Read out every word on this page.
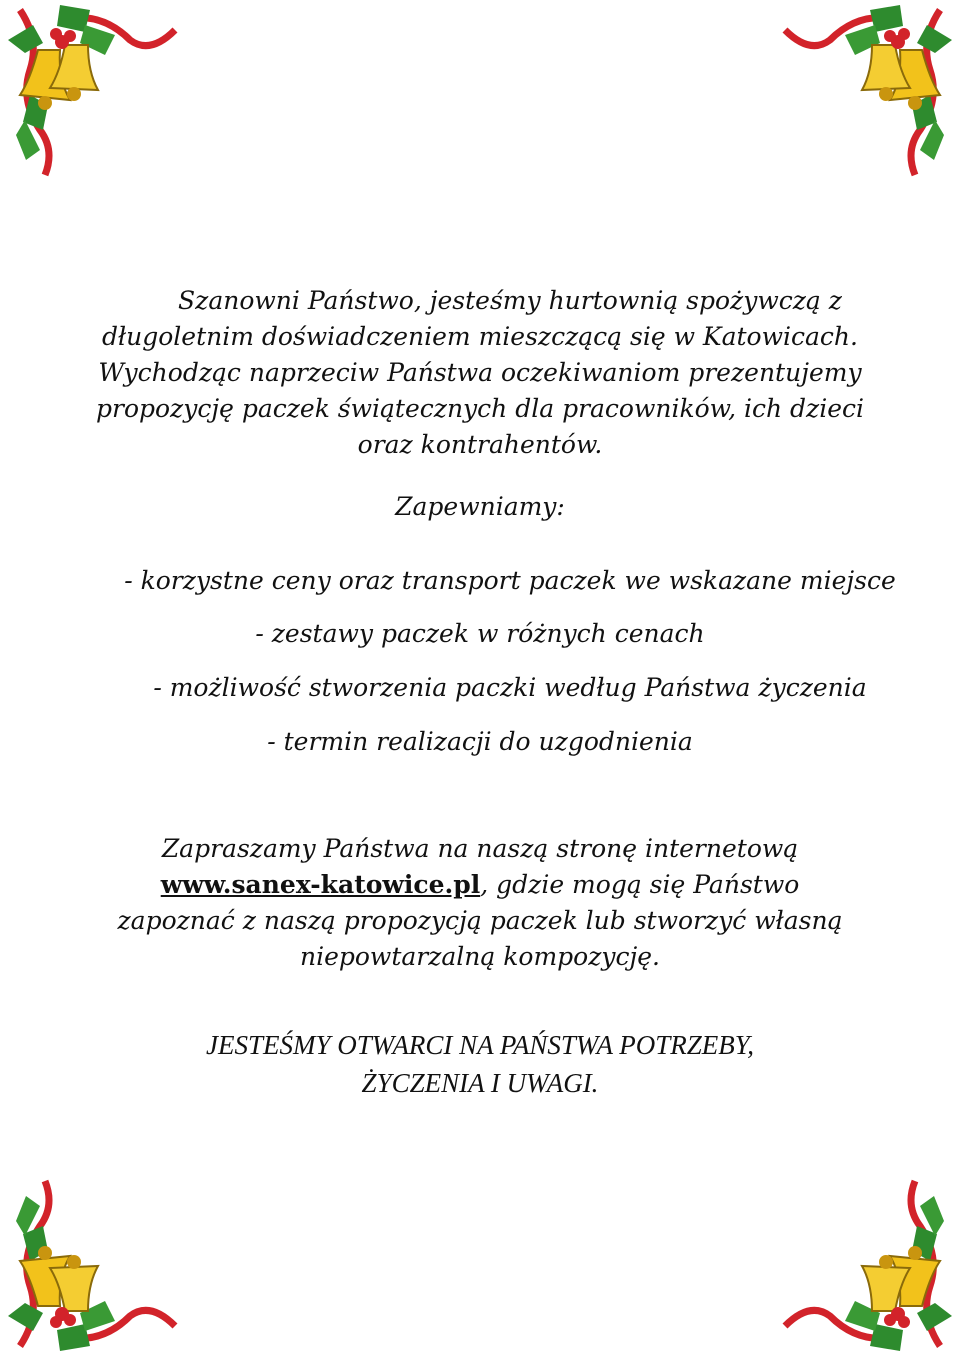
Szanowni Państwo, jesteśmy hurtownią spożywczą z
długoletnim doświadczeniem mieszczącą się w Katowicach.
Wychodząc naprzeciw Państwa oczekiwaniom prezentujemy
propozycję paczek świątecznych dla pracowników, ich dzieci
oraz kontrahentów.
Zapewniamy:
- korzystne ceny oraz transport paczek we wskazane miejsce
- zestawy paczek w różnych cenach
- możliwość stworzenia paczki według Państwa życzenia
- termin realizacji do uzgodnienia
Zapraszamy Państwa na naszą stronę internetową
www.sanex-katowice.pl, gdzie mogą się Państwo
zapoznać z naszą propozycją paczek lub stworzyć własną
niepowtarzalną kompozycję.
JESTEŚMY OTWARCI NA PAŃSTWA POTRZEBY,
ŻYCZENIA I UWAGI.
